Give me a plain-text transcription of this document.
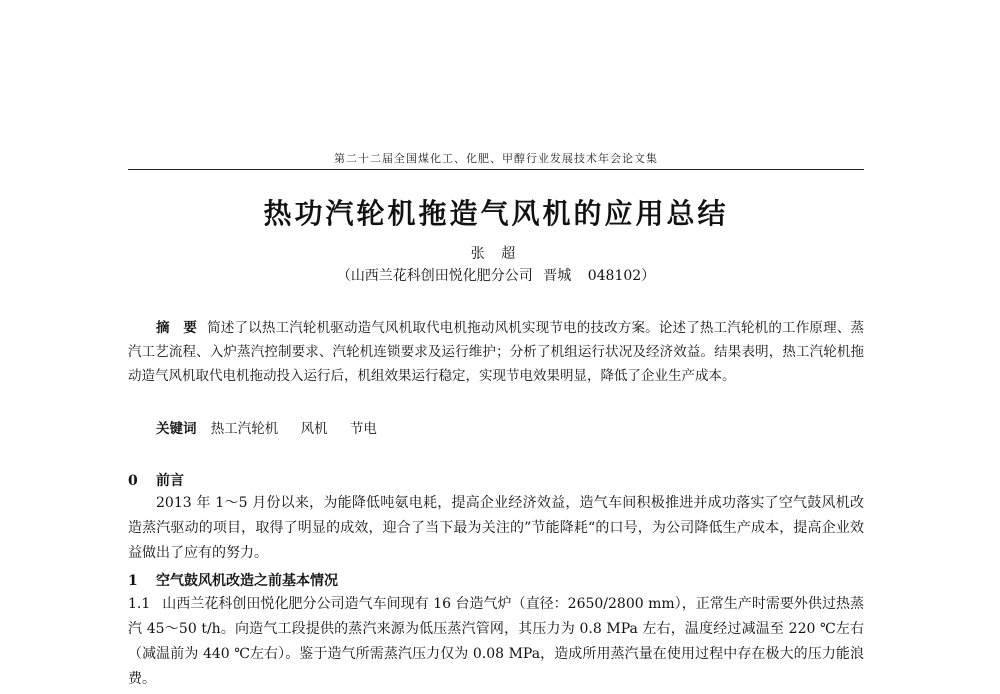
第二十二届全国煤化工、化肥、甲醇行业发展技术年会论文集
热功汽轮机拖造气风机的应用总结
张 超
（山西兰花科创田悦化肥分公司 晋城 048102）
摘　要 简述了以热工汽轮机驱动造气风机取代电机拖动风机实现节电的技改方案。论述了热工汽轮机的工作原理、蒸汽工艺流程、入炉蒸汽控制要求、汽轮机连锁要求及运行维护；分析了机组运行状况及经济效益。结果表明，热工汽轮机拖动造气风机取代电机拖动投入运行后，机组效果运行稳定，实现节电效果明显，降低了企业生产成本。
关键词 热工汽轮机 风机 节电
0 前言
2013 年 1～5 月份以来，为能降低吨氨电耗，提高企业经济效益，造气车间积极推进并成功落实了空气鼓风机改造蒸汽驱动的项目，取得了明显的成效，迎合了当下最为关注的”节能降耗“的口号，为公司降低生产成本，提高企业效益做出了应有的努力。
1 空气鼓风机改造之前基本情况
1.1 山西兰花科创田悦化肥分公司造气车间现有 16 台造气炉（直径：2650/2800 mm），正常生产时需要外供过热蒸汽 45～50 t/h。向造气工段提供的蒸汽来源为低压蒸汽管网，其压力为 0.8 MPa 左右，温度经过减温至 220 ℃左右（减温前为 440 ℃左右）。鉴于造气所需蒸汽压力仅为 0.08 MPa，造成所用蒸汽量在使用过程中存在极大的压力能浪费。
